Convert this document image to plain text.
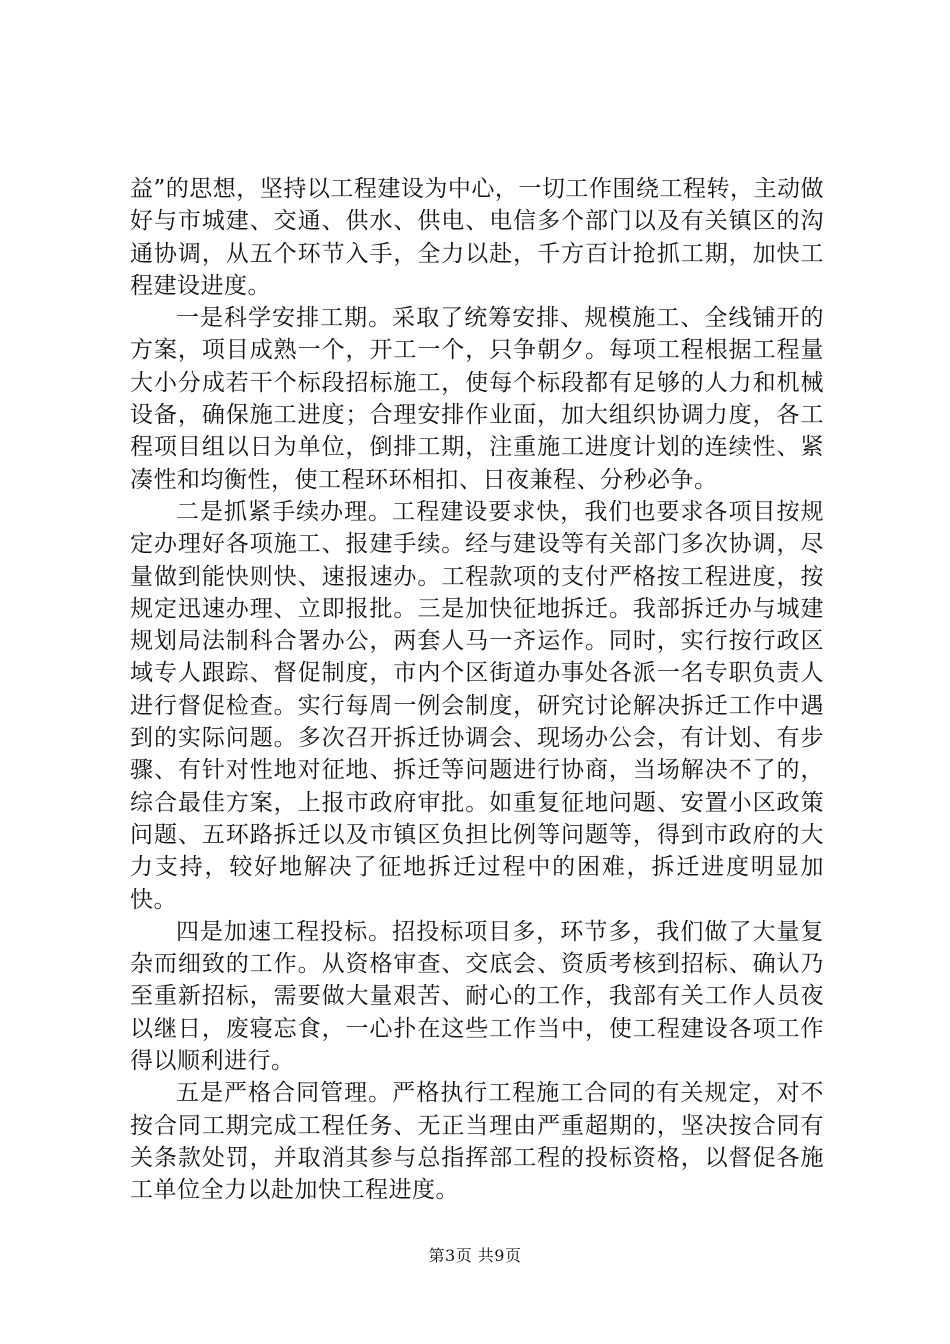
益”的思想，坚持以工程建设为中心，一切工作围绕工程转，主动做好与市城建、交通、供水、供电、电信多个部门以及有关镇区的沟通协调，从五个环节入手，全力以赴，千方百计抢抓工期，加快工程建设进度。

一是科学安排工期。采取了统筹安排、规模施工、全线铺开的方案，项目成熟一个，开工一个，只争朝夕。每项工程根据工程量大小分成若干个标段招标施工，使每个标段都有足够的人力和机械设备，确保施工进度；合理安排作业面，加大组织协调力度，各工程项目组以日为单位，倒排工期，注重施工进度计划的连续性、紧凑性和均衡性，使工程环环相扣、日夜兼程、分秒必争。

二是抓紧手续办理。工程建设要求快，我们也要求各项目按规定办理好各项施工、报建手续。经与建设等有关部门多次协调，尽量做到能快则快、速报速办。工程款项的支付严格按工程进度，按规定迅速办理、立即报批。三是加快征地拆迁。我部拆迁办与城建规划局法制科合署办公，两套人马一齐运作。同时，实行按行政区域专人跟踪、督促制度，市内个区街道办事处各派一名专职负责人进行督促检查。实行每周一例会制度，研究讨论解决拆迁工作中遇到的实际问题。多次召开拆迁协调会、现场办公会，有计划、有步骤、有针对性地对征地、拆迁等问题进行协商，当场解决不了的，综合最佳方案，上报市政府审批。如重复征地问题、安置小区政策问题、五环路拆迁以及市镇区负担比例等问题等，得到市政府的大力支持，较好地解决了征地拆迁过程中的困难，拆迁进度明显加快。

四是加速工程投标。招投标项目多，环节多，我们做了大量复杂而细致的工作。从资格审查、交底会、资质考核到招标、确认乃至重新招标，需要做大量艰苦、耐心的工作，我部有关工作人员夜以继日，废寝忘食，一心扑在这些工作当中，使工程建设各项工作得以顺利进行。

五是严格合同管理。严格执行工程施工合同的有关规定，对不按合同工期完成工程任务、无正当理由严重超期的，坚决按合同有关条款处罚，并取消其参与总指挥部工程的投标资格，以督促各施工单位全力以赴加快工程进度。

第3页 共9页
